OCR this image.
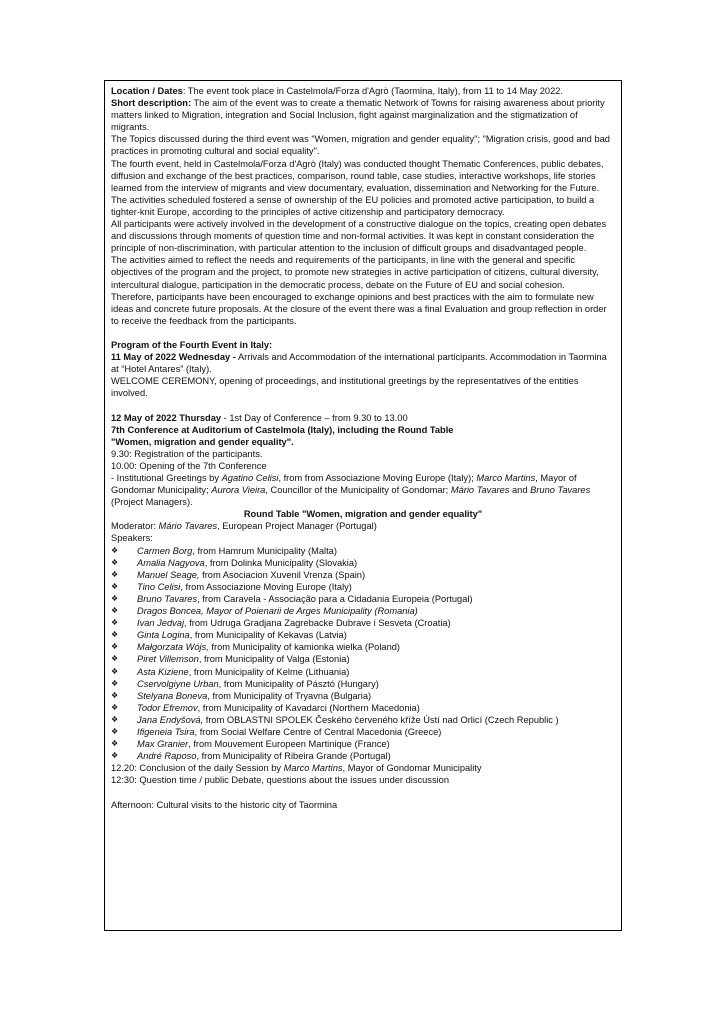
Location / Dates: The event took place in Castelmola/Forza d'Agrò (Taormina, Italy), from 11 to 14 May 2022.

Short description: The aim of the event was to create a thematic Network of Towns for raising awareness about priority matters linked to Migration, integration and Social Inclusion, fight against marginalization and the stigmatization of migrants.

The Topics discussed during the third event was "Women, migration and gender equality"; "Migration crisis, good and bad practices in promoting cultural and social equality".

The fourth event, held in Castelmola/Forza d'Agrò (Italy) was conducted thought Thematic Conferences, public debates, diffusion and exchange of the best practices, comparison, round table, case studies, interactive workshops, life stories learned from the interview of migrants and view documentary, evaluation, dissemination and Networking for the Future.

The activities scheduled fostered a sense of ownership of the EU policies and promoted active participation, to build a tighter-knit Europe, according to the principles of active citizenship and participatory democracy.

All participants were actively involved in the development of a constructive dialogue on the topics, creating open debates and discussions through moments of question time and non-formal activities. It was kept in constant consideration the principle of non-discrimination, with particular attention to the inclusion of difficult groups and disadvantaged people.

The activities aimed to reflect the needs and requirements of the participants, in line with the general and specific objectives of the program and the project, to promote new strategies in active participation of citizens, cultural diversity, intercultural dialogue, participation in the democratic process, debate on the Future of EU and social cohesion.

Therefore, participants have been encouraged to exchange opinions and best practices with the aim to formulate new ideas and concrete future proposals. At the closure of the event there was a final Evaluation and group reflection in order to receive the feedback from the participants.

Program of the Fourth Event in Italy:

11 May of 2022 Wednesday - Arrivals and Accommodation of the international participants. Accommodation in Taormina at “Hotel Antares” (Italy).

WELCOME CEREMONY, opening of proceedings, and institutional greetings by the representatives of the entities involved.

12 May of 2022 Thursday - 1st Day of Conference – from 9.30 to 13.00

7th Conference at Auditorium of Castelmola (Italy), including the Round Table

"Women, migration and gender equality".

9.30: Registration of the participants.

10.00: Opening of the 7th Conference

- Institutional Greetings by Agatino Celisi, from from Associazione Moving Europe (Italy); Marco Martins, Mayor of Gondomar Municipality; Aurora Vieira, Councillor of the Municipality of Gondomar; Mário Tavares and Bruno Tavares (Project Managers).

Round Table "Women, migration and gender equality"

Moderator: Mário Tavares, European Project Manager (Portugal)

Speakers:

❖	Carmen Borg, from Hamrum Municipality (Malta)
❖	Amalia Nagyova, from Dolinka Municipality (Slovakia)
❖	Manuel Seage, from Asociacion Xuvenil Vrenza (Spain)
❖	Tino Celisi, from Associazione Moving Europe (Italy)
❖	Bruno Tavares, from Caravela - Associação para a Cidadania Europeia (Portugal)
❖	Dragos Boncea, Mayor of Poienarii de Arges Municipality (Romania)
❖	Ivan Jedvaj, from Udruga Gradjana Zagrebacke Dubrave i Sesveta (Croatia)
❖	Ginta Logina, from Municipality of Kekavas (Latvia)
❖	Małgorzata Wójs, from Municipality of kamionka wielka (Poland)
❖	Piret Villemson, from Municipality of Valga (Estonia)
❖	Asta Kiziene, from Municipality of Kelme (Lithuania)
❖	Cservolgiyne Urban, from Municipality of Pásztó (Hungary)
❖	Stelyana Boneva, from Municipality of Tryavna (Bulgaria)
❖	Todor Efremov, from Municipality of Kavadarci (Northern Macedonia)
❖	Jana Endyšová, from OBLASTNI SPOLEK Českého červeného kříže Ústí nad Orlicí (Czech Republic )
❖	Ifigeneia Tsira, from Social Welfare Centre of Central Macedonia (Greece)
❖	Max Granier, from Mouvement Europeen Martinique (France)
❖	André Raposo, from Municipality of Ribeira Grande (Portugal)

12.20: Conclusion of the daily Session by Marco Martins, Mayor of Gondomar Municipality

12:30: Question time / public Debate, questions about the issues under discussion

Afternoon: Cultural visits to the historic city of Taormina
